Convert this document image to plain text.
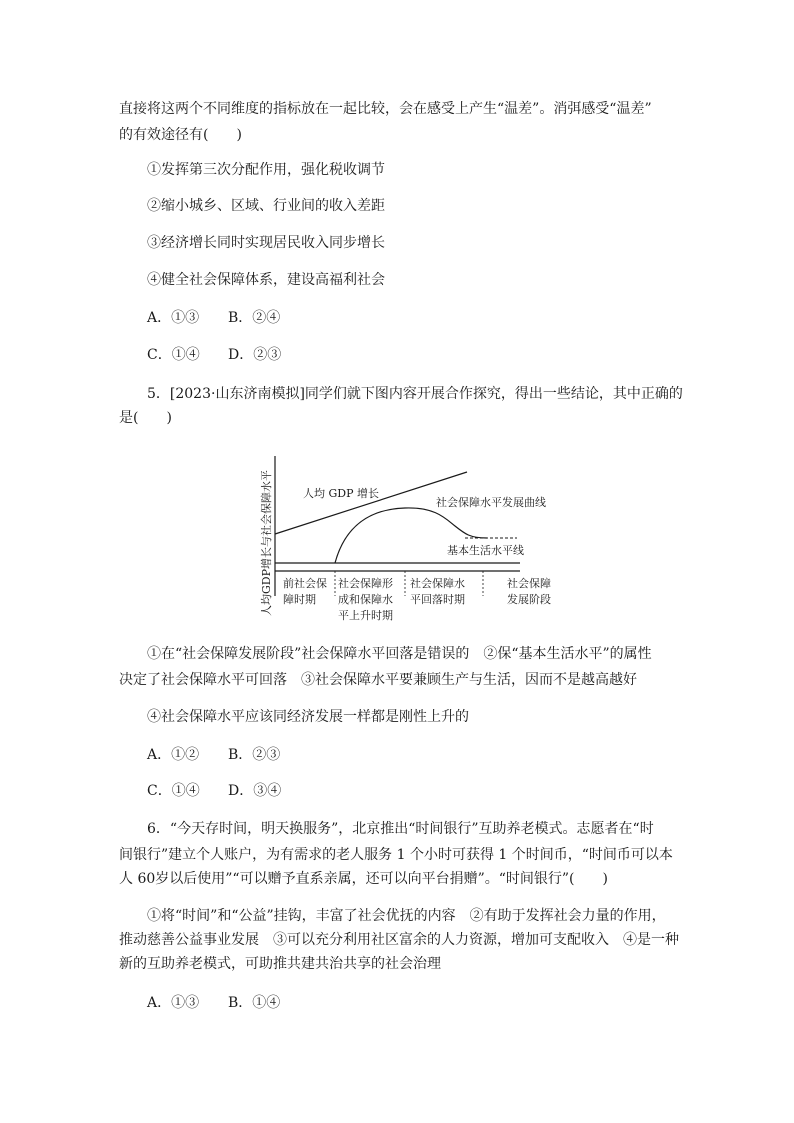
直接将这两个不同维度的指标放在一起比较，会在感受上产生“温差”。消弭感受“温差”
的有效途径有(　　)
①发挥第三次分配作用，强化税收调节
②缩小城乡、区域、行业间的收入差距
③经济增长同时实现居民收入同步增长
④健全社会保障体系，建设高福利社会
A．①③ B．②④
C．①④ D．②③
5．[2023·山东济南模拟]同学们就下图内容开展合作探究，得出一些结论，其中正确的
是(　　)
人均GDP增长与社会保障水平	人均 GDP 增长
社会保障水平发展曲线
基本生活水平线
前社会保
障时期
社会保障形
成和保障水
平上升时期
社会保障水
平回落时期
社会保障
发展阶段
①在“社会保障发展阶段”社会保障水平回落是错误的　②保“基本生活水平”的属性
决定了社会保障水平可回落　③社会保障水平要兼顾生产与生活，因而不是越高越好
④社会保障水平应该同经济发展一样都是刚性上升的
A．①② B．②③
C．①④ D．③④
6．“今天存时间，明天换服务”，北京推出“时间银行”互助养老模式。志愿者在“时
间银行”建立个人账户，为有需求的老人服务 1 个小时可获得 1 个时间币，“时间币可以本
人 60岁以后使用”“可以赠予直系亲属，还可以向平台捐赠”。“时间银行”(　　)
①将“时间”和“公益”挂钩，丰富了社会优抚的内容　②有助于发挥社会力量的作用，
推动慈善公益事业发展　③可以充分利用社区富余的人力资源，增加可支配收入　④是一种
新的互助养老模式，可助推共建共治共享的社会治理
A．①③ B．①④
